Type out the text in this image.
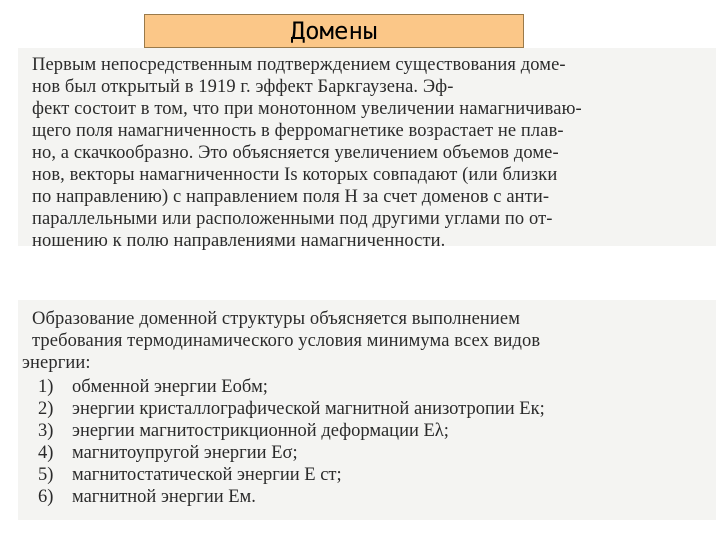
Домены
Первым непосредственным подтверждением существования доме-
нов был открытый в 1919 г. эффект Баркгаузена. Эф-
фект состоит в том, что при монотонном увеличении намагничиваю-
щего поля намагниченность в ферромагнетике возрастает не плав-
но, а скачкообразно. Это объясняется увеличением объемов доме-
нов, векторы намагниченности Is которых совпадают (или близки
по направлению) с направлением поля H за счет доменов с анти-
параллельными или расположенными под другими углами по от-
ношению к полю направлениями намагниченности.
Образование доменной структуры объясняется выполнением
требования термодинамического условия минимума всех видов
энергии:
1) обменной энергии Eобм;
2) энергии кристаллографической магнитной анизотропии Eк;
3) энергии магнитострикционной деформации Eλ;
4) магнитоупругой энергии Eσ;
5) магнитостатической энергии E ст;
6) магнитной энергии Eм.
